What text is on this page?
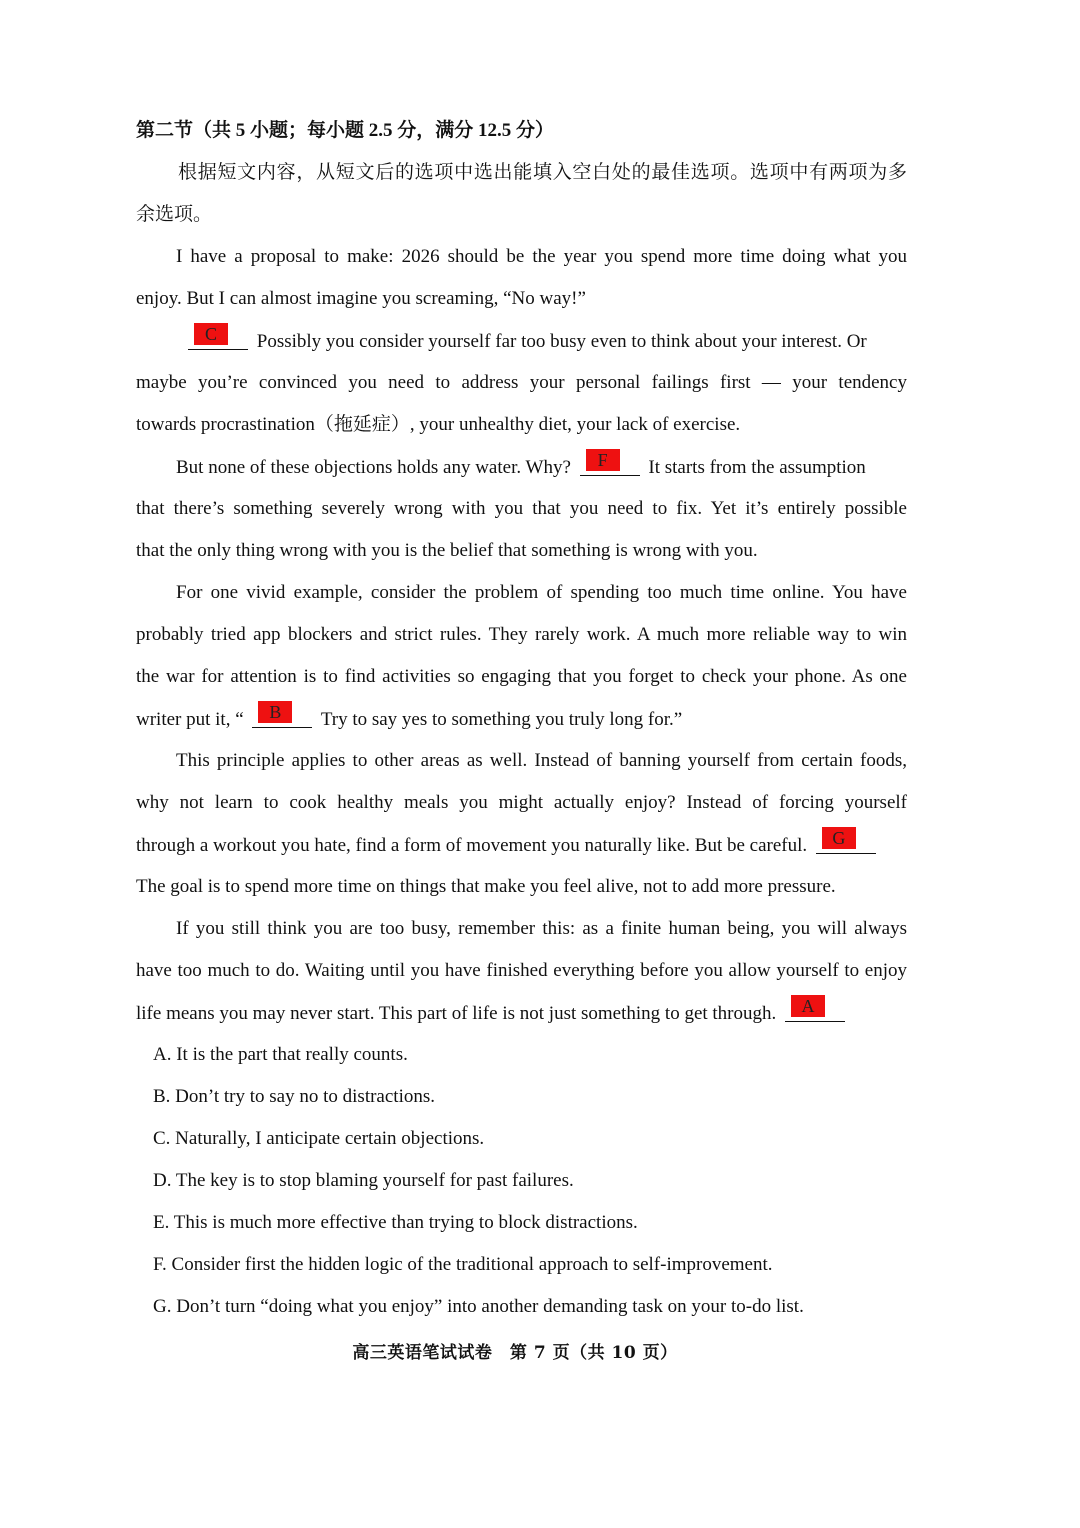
第二节（共 5 小题；每小题 2.5 分，满分 12.5 分）
根据短文内容，从短文后的选项中选出能填入空白处的最佳选项。选项中有两项为多
余选项。
I have a proposal to make: 2026 should be the year you spend more time doing what you
enjoy. But I can almost imagine you screaming, “No way!”
C	Possibly you consider yourself far too busy even to think about your interest. Or
maybe you’re convinced you need to address your personal failings first — your tendency
towards procrastination（拖延症）, your unhealthy diet, your lack of exercise.
But none of these objections holds any water. Why?	F	It starts from the assumption
that there’s something severely wrong with you that you need to fix. Yet it’s entirely possible
that the only thing wrong with you is the belief that something is wrong with you.
For one vivid example, consider the problem of spending too much time online. You have
probably tried app blockers and strict rules. They rarely work. A much more reliable way to win
the war for attention is to find activities so engaging that you forget to check your phone. As one
writer put it, “	B	Try to say yes to something you truly long for.”
This principle applies to other areas as well. Instead of banning yourself from certain foods,
why not learn to cook healthy meals you might actually enjoy? Instead of forcing yourself
through a workout you hate, find a form of movement you naturally like. But be careful.	G
The goal is to spend more time on things that make you feel alive, not to add more pressure.
If you still think you are too busy, remember this: as a finite human being, you will always
have too much to do. Waiting until you have finished everything before you allow yourself to enjoy
life means you may never start. This part of life is not just something to get through.	A
A. It is the part that really counts.
B. Don’t try to say no to distractions.
C. Naturally, I anticipate certain objections.
D. The key is to stop blaming yourself for past failures.
E. This is much more effective than trying to block distractions.
F. Consider first the hidden logic of the traditional approach to self-improvement.
G. Don’t turn “doing what you enjoy” into another demanding task on your to-do list.
高三英语笔试试卷　第 7 页（共 10 页）
